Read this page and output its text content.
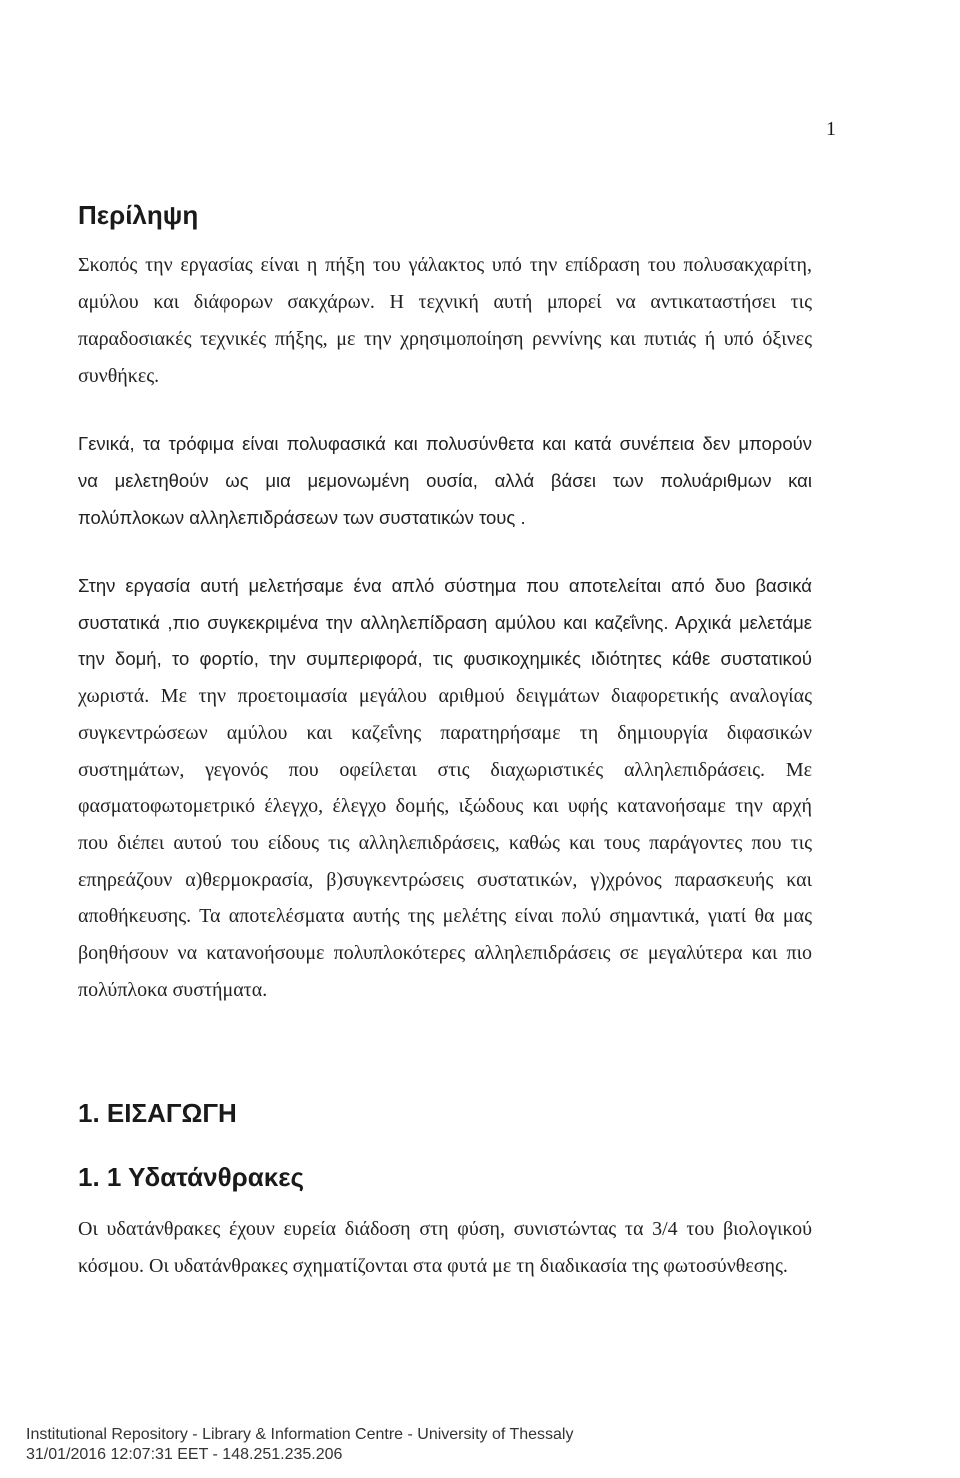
1
Περίληψη
Σκοπός την εργασίας είναι η πήξη του γάλακτος υπό την επίδραση του πολυσακχαρίτη,
αμύλου και διάφορων σακχάρων. Η τεχνική αυτή μπορεί να αντικαταστήσει τις
παραδοσιακές τεχνικές πήξης, με την χρησιμοποίηση ρεννίνης και πυτιάς ή υπό όξινες
συνθήκες.
Γενικά, τα τρόφιμα είναι πολυφασικά και πολυσύνθετα και κατά συνέπεια δεν μπορούν
να μελετηθούν ως μια μεμονωμένη ουσία, αλλά βάσει των πολυάριθμων και
πολύπλοκων αλληλεπιδράσεων των συστατικών τους .
Στην εργασία αυτή μελετήσαμε ένα απλό σύστημα που αποτελείται από δυο βασικά
συστατικά ,πιο συγκεκριμένα την αλληλεπίδραση αμύλου και καζεΐνης. Αρχικά μελετάμε
την δομή, το φορτίο, την συμπεριφορά, τις φυσικοχημικές ιδιότητες κάθε συστατικού
χωριστά. Με την προετοιμασία μεγάλου αριθμού δειγμάτων διαφορετικής αναλογίας
συγκεντρώσεων αμύλου και καζεΐνης παρατηρήσαμε τη δημιουργία διφασικών
συστημάτων, γεγονός που οφείλεται στις διαχωριστικές αλληλεπιδράσεις. Με
φασματοφωτομετρικό έλεγχο, έλεγχο δομής, ιξώδους και υφής κατανοήσαμε την αρχή
που διέπει αυτού του είδους τις αλληλεπιδράσεις, καθώς και τους παράγοντες που τις
επηρεάζουν α)θερμοκρασία, β)συγκεντρώσεις συστατικών, γ)χρόνος παρασκευής και
αποθήκευσης. Τα αποτελέσματα αυτής της μελέτης είναι πολύ σημαντικά, γιατί θα μας
βοηθήσουν να κατανοήσουμε πολυπλοκότερες αλληλεπιδράσεις σε μεγαλύτερα και πιο
πολύπλοκα συστήματα.
1. ΕΙΣΑΓΩΓΗ
1. 1 Υδατάνθρακες
Οι υδατάνθρακες έχουν ευρεία διάδοση στη φύση, συνιστώντας τα 3/4 του βιολογικού
κόσμου. Οι υδατάνθρακες σχηματίζονται στα φυτά με τη διαδικασία της φωτοσύνθεσης.
Institutional Repository - Library & Information Centre - University of Thessaly
31/01/2016 12:07:31 EET - 148.251.235.206
